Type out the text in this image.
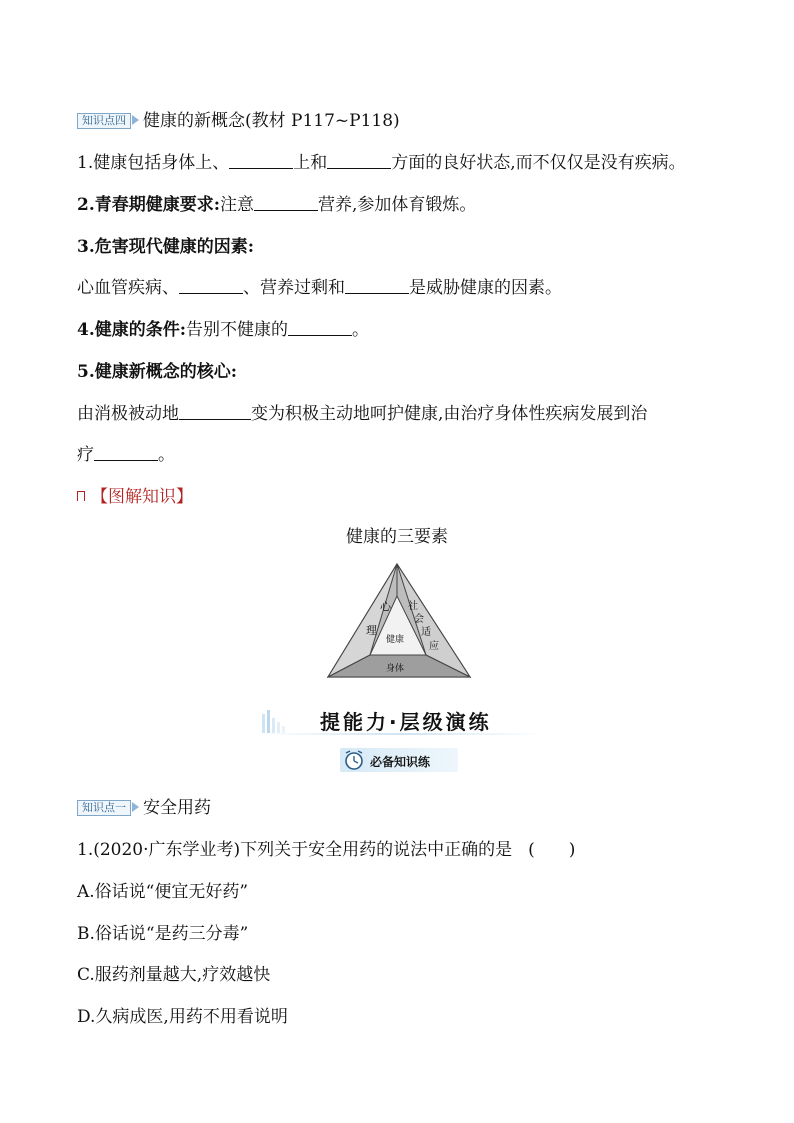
知识点四 健康的新概念(教材 P117~P118)
1.健康包括身体上、	上和	方面的良好状态,而不仅仅是没有疾病。
2.青春期健康要求:注意	营养,参加体育锻炼。
3.危害现代健康的因素:
心血管疾病、	、营养过剩和	是威胁健康的因素。
4.健康的条件:告别不健康的	。
5.健康新概念的核心:
由消极被动地	变为积极主动地呵护健康,由治疗身体性疾病发展到治
疗	。
【图解知识】
健康的三要素
心
理
社
会
适
应
健康
身体
提能力·层级演练
必备知识练
知识点一 安全用药
1.(2020·广东学业考)下列关于安全用药的说法中正确的是 (　　)
A.俗话说“便宜无好药”
B.俗话说“是药三分毒”
C.服药剂量越大,疗效越快
D.久病成医,用药不用看说明
